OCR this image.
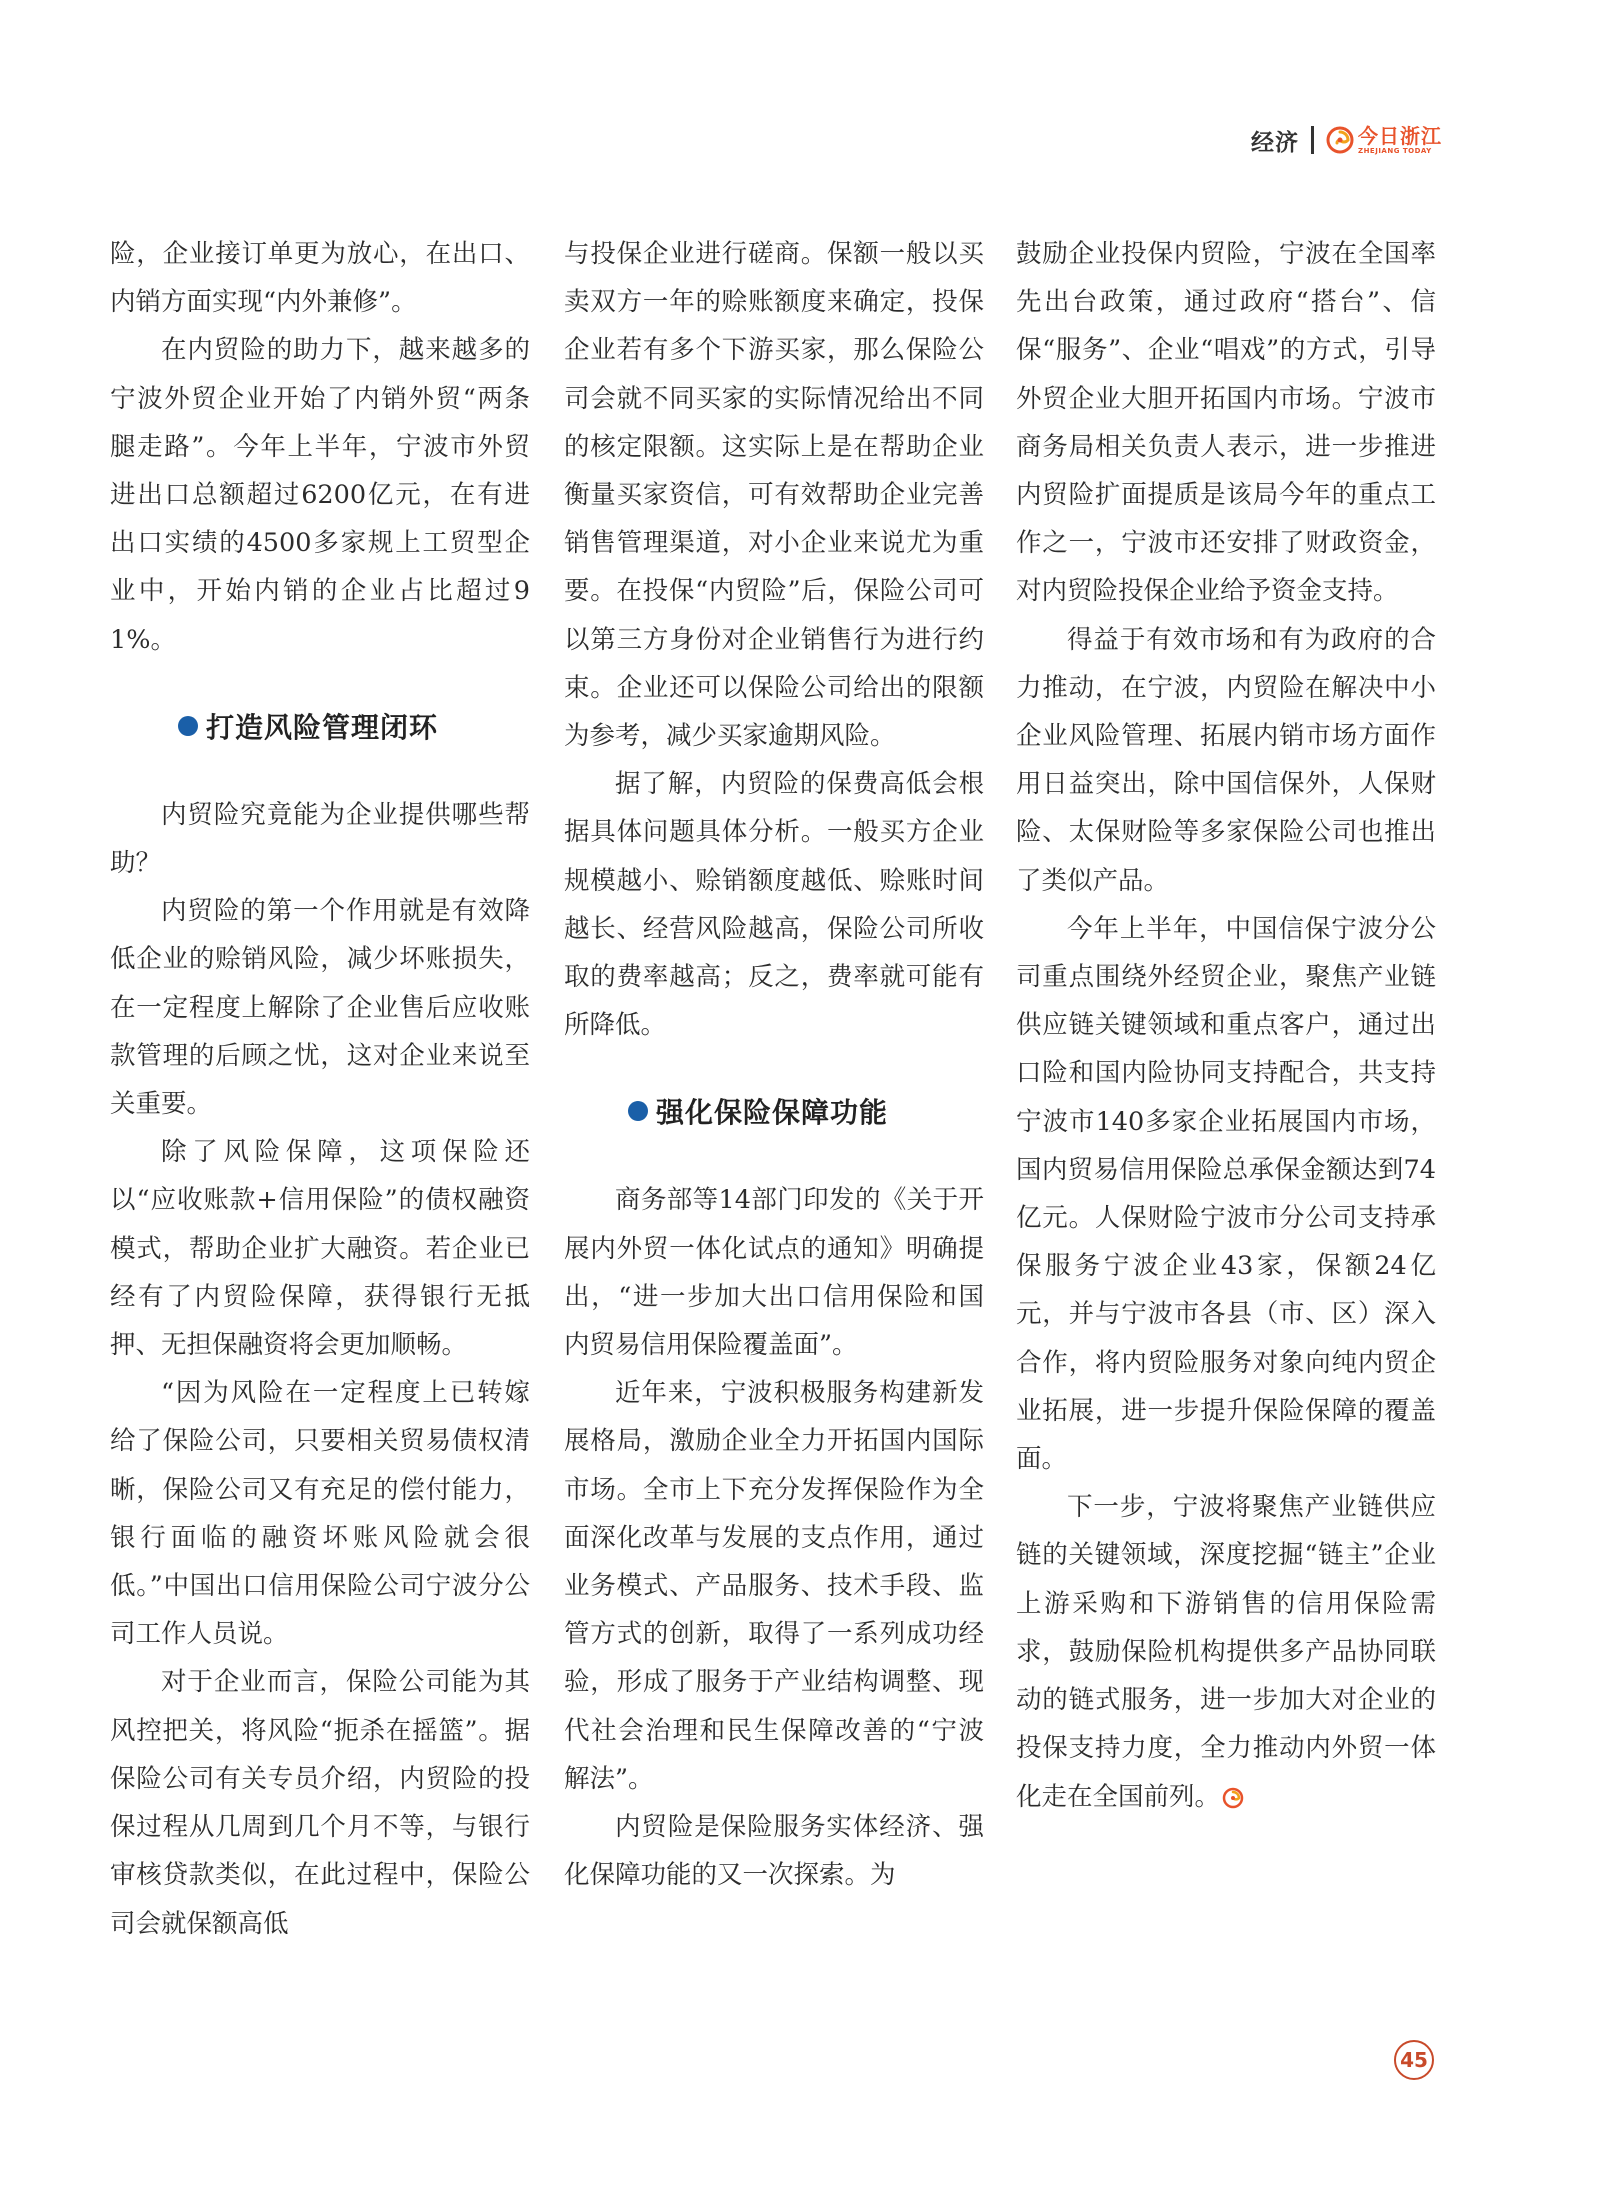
经济	今日浙江
ZHEJIANG TODAY

险，企业接订单更为放心，在出口、内销方面实现“内外兼修”。

在内贸险的助力下，越来越多的宁波外贸企业开始了内销外贸“两条腿走路”。今年上半年，宁波市外贸进出口总额超过6200亿元，在有进出口实绩的4500多家规上工贸型企业中，开始内销的企业占比超过91%。

打造风险管理闭环

内贸险究竟能为企业提供哪些帮助？

内贸险的第一个作用就是有效降低企业的赊销风险，减少坏账损失，在一定程度上解除了企业售后应收账款管理的后顾之忧，这对企业来说至关重要。

除了风险保障，这项保险还以“应收账款+信用保险”的债权融资模式，帮助企业扩大融资。若企业已经有了内贸险保障，获得银行无抵押、无担保融资将会更加顺畅。

“因为风险在一定程度上已转嫁给了保险公司，只要相关贸易债权清晰，保险公司又有充足的偿付能力，银行面临的融资坏账风险就会很低。”中国出口信用保险公司宁波分公司工作人员说。

对于企业而言，保险公司能为其风控把关，将风险“扼杀在摇篮”。据保险公司有关专员介绍，内贸险的投保过程从几周到几个月不等，与银行审核贷款类似，在此过程中，保险公司会就保额高低

与投保企业进行磋商。保额一般以买卖双方一年的赊账额度来确定，投保企业若有多个下游买家，那么保险公司会就不同买家的实际情况给出不同的核定限额。这实际上是在帮助企业衡量买家资信，可有效帮助企业完善销售管理渠道，对小企业来说尤为重要。在投保“内贸险”后，保险公司可以第三方身份对企业销售行为进行约束。企业还可以保险公司给出的限额为参考，减少买家逾期风险。

据了解，内贸险的保费高低会根据具体问题具体分析。一般买方企业规模越小、赊销额度越低、赊账时间越长、经营风险越高，保险公司所收取的费率越高；反之，费率就可能有所降低。

强化保险保障功能

商务部等14部门印发的《关于开展内外贸一体化试点的通知》明确提出，“进一步加大出口信用保险和国内贸易信用保险覆盖面”。

近年来，宁波积极服务构建新发展格局，激励企业全力开拓国内国际市场。全市上下充分发挥保险作为全面深化改革与发展的支点作用，通过业务模式、产品服务、技术手段、监管方式的创新，取得了一系列成功经验，形成了服务于产业结构调整、现代社会治理和民生保障改善的“宁波解法”。

内贸险是保险服务实体经济、强化保障功能的又一次探索。为

鼓励企业投保内贸险，宁波在全国率先出台政策，通过政府“搭台”、信保“服务”、企业“唱戏”的方式，引导外贸企业大胆开拓国内市场。宁波市商务局相关负责人表示，进一步推进内贸险扩面提质是该局今年的重点工作之一，宁波市还安排了财政资金，对内贸险投保企业给予资金支持。

得益于有效市场和有为政府的合力推动，在宁波，内贸险在解决中小企业风险管理、拓展内销市场方面作用日益突出，除中国信保外，人保财险、太保财险等多家保险公司也推出了类似产品。

今年上半年，中国信保宁波分公司重点围绕外经贸企业，聚焦产业链供应链关键领域和重点客户，通过出口险和国内险协同支持配合，共支持宁波市140多家企业拓展国内市场，国内贸易信用保险总承保金额达到74亿元。人保财险宁波市分公司支持承保服务宁波企业43家，保额24亿元，并与宁波市各县（市、区）深入合作，将内贸险服务对象向纯内贸企业拓展，进一步提升保险保障的覆盖面。

下一步，宁波将聚焦产业链供应链的关键领域，深度挖掘“链主”企业上游采购和下游销售的信用保险需求，鼓励保险机构提供多产品协同联动的链式服务，进一步加大对企业的投保支持力度，全力推动内外贸一体化走在全国前列。

45
